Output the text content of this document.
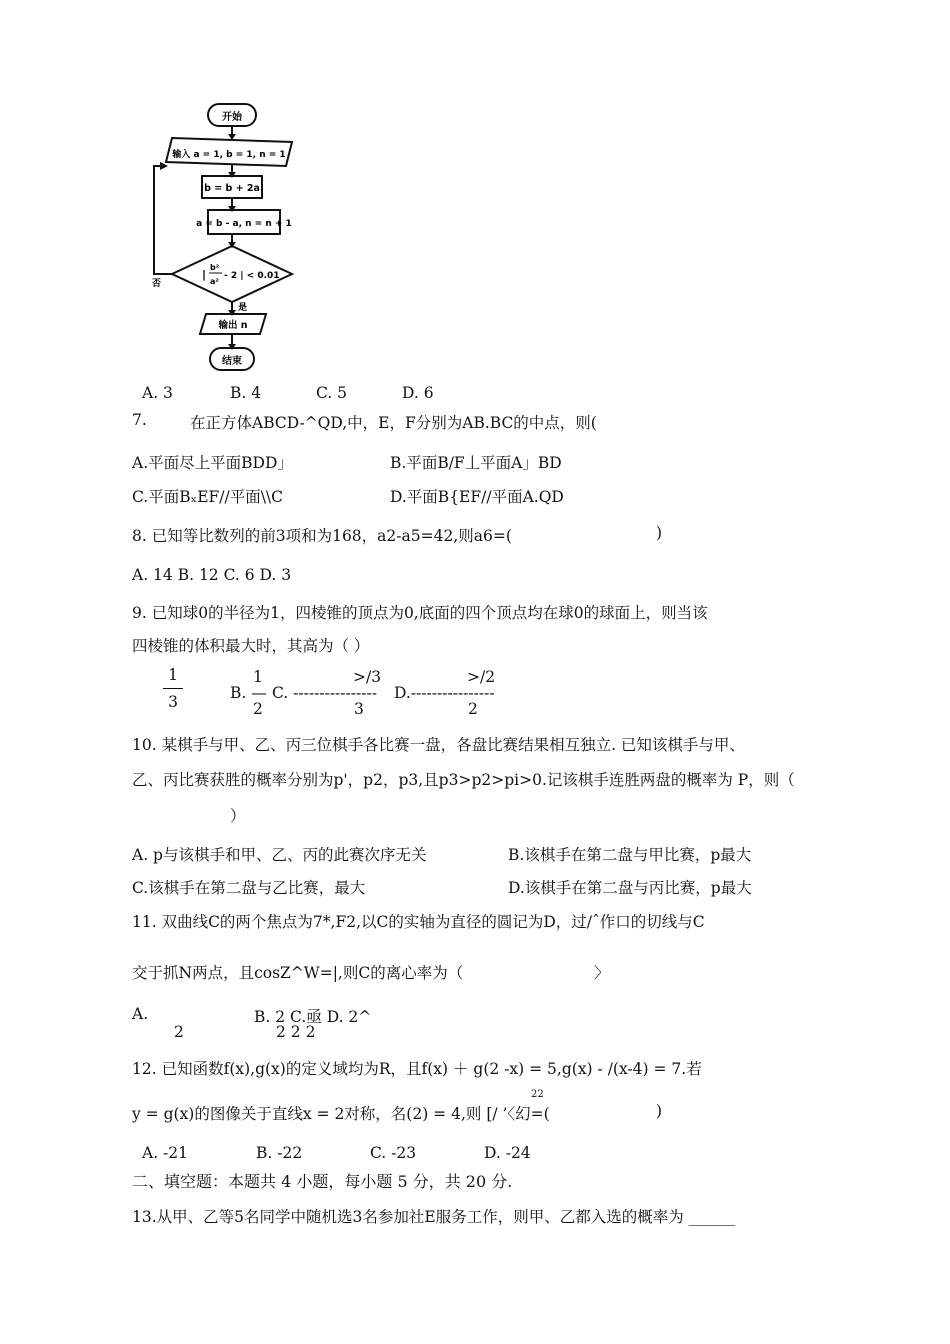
开始
输入 a = 1, b = 1, n = 1
b = b + 2a
a = b - a, n = n + 1
|
b²
a²
- 2 | < 0.01
否
是
输出 n
结束
A. 3	B. 4	C. 5	D. 6
7.	在正方体ABCD-^QD,中，E，F分别为AB.BC的中点，则(
A.平面尽上平面BDD」	B.平面B/F丄平面A」BD
C.平面BₓEF//平面\\C	D.平面B{EF//平面A.QD
8. 已知等比数列的前3项和为168，a2-a5=42,则a6=(	)
A. 14 B. 12 C. 6 D. 3
9. 已知球0的半径为1，四棱锥的顶点为0,底面的四个顶点均在球0的球面上，则当该
四棱锥的体积最大时，其高为（ ）
1
3	B. —
1
2
C. ----------------
>/3
3
D.----------------
>/2
2
10. 某棋手与甲、乙、丙三位棋手各比赛一盘，各盘比赛结果相互独立. 已知该棋手与甲、
乙、丙比赛获胜的概率分别为p'，p2，p3,且p3>p2>pi>0.记该棋手连胜两盘的概率为 P，则（
）
A. p与该棋手和甲、乙、丙的此赛次序无关	B.该棋手在第二盘与甲比赛，p最大
C.该棋手在第二盘与乙比赛，最大	D.该棋手在第二盘与丙比赛，p最大
11. 双曲线C的两个焦点为7*,F2,以C的实轴为直径的圆记为D，过/ˆ作口的切线与C
交于抓N两点，且cosZ^W=|,则C的离心率为（	〉
A.
2
B. 2 C.亟 D. 2^
2 2 2
12. 已知函数f(x),g(x)的定义域均为R，且f(x) ＋ g(2 -x) = 5,g(x) - /(x-4) = 7.若
22
y = g(x)的图像关于直线x = 2对称，名(2) = 4,则 [/ ’〈幻=(	)
A. -21	B. -22	C. -23	D. -24
二、填空题：本题共 4 小题，每小题 5 分，共 20 分.
13.从甲、乙等5名同学中随机选3名参加社E服务工作，则甲、乙都入选的概率为 ______
